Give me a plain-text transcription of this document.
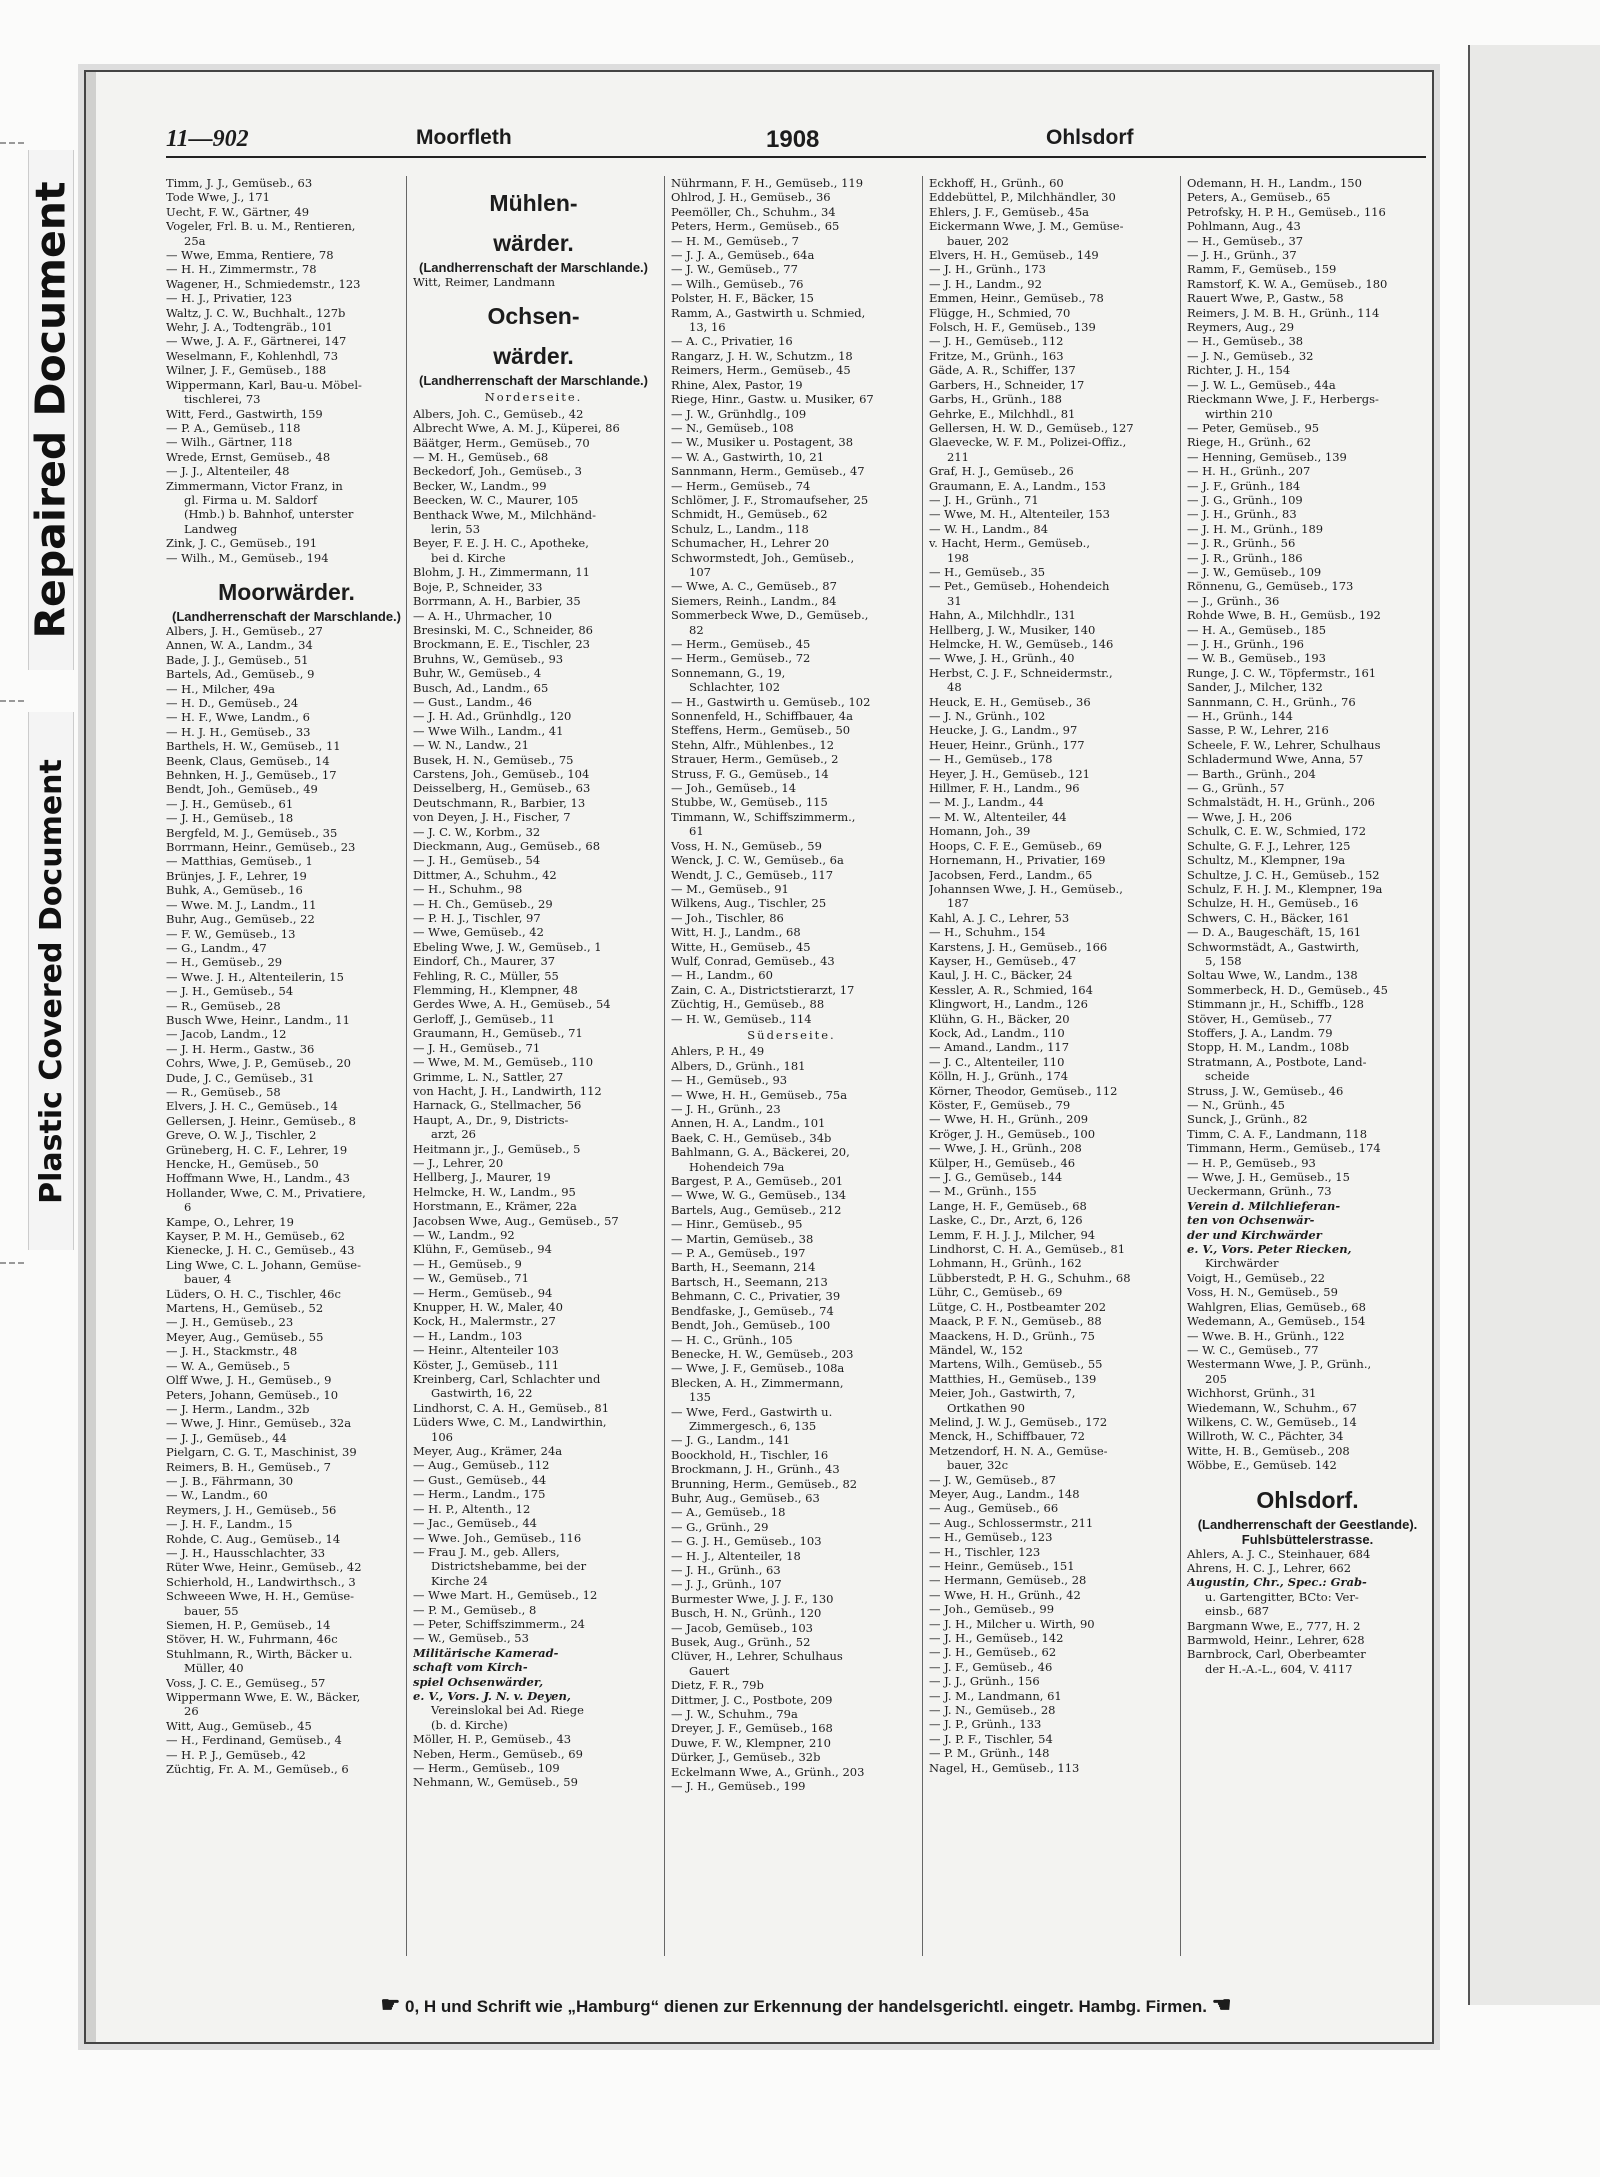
Repaired Document
Plastic Covered Document
11—902	Moorfleth	1908	Ohlsdorf
Timm, J. J., Gemüseb., 63
Tode Wwe, J., 171
Uecht, F. W., Gärtner, 49
Vogeler, Frl. B. u. M., Rentieren,
25a
— Wwe, Emma, Rentiere, 78
— H. H., Zimmermstr., 78
Wagener, H., Schmiedemstr., 123
— H. J., Privatier, 123
Waltz, J. C. W., Buchhalt., 127b
Wehr, J. A., Todtengräb., 101
— Wwe, J. A. F., Gärtnerei, 147
Weselmann, F., Kohlenhdl, 73
Wilner, J. F., Gemüseb., 188
Wippermann, Karl, Bau-u. Möbel-
tischlerei, 73
Witt, Ferd., Gastwirth, 159
— P. A., Gemüseb., 118
— Wilh., Gärtner, 118
Wrede, Ernst, Gemüseb., 48
— J. J., Altenteiler, 48
Zimmermann, Victor Franz, in
gl. Firma u. M. Saldorf
(Hmb.) b. Bahnhof, unterster
Landweg
Zink, J. C., Gemüseb., 191
— Wilh., M., Gemüseb., 194
Moorwärder.
(Landherrenschaft der Marschlande.)
Albers, J. H., Gemüseb., 27
Annen, W. A., Landm., 34
Bade, J. J., Gemüseb., 51
Bartels, Ad., Gemüseb., 9
— H., Milcher, 49a
— H. D., Gemüseb., 24
— H. F., Wwe, Landm., 6
— H. J. H., Gemüseb., 33
Barthels, H. W., Gemüseb., 11
Beenk, Claus, Gemüseb., 14
Behnken, H. J., Gemüseb., 17
Bendt, Joh., Gemüseb., 49
— J. H., Gemüseb., 61
— J. H., Gemüseb., 18
Bergfeld, M. J., Gemüseb., 35
Borrmann, Heinr., Gemüseb., 23
— Matthias, Gemüseb., 1
Brünjes, J. F., Lehrer, 19
Buhk, A., Gemüseb., 16
— Wwe. M. J., Landm., 11
Buhr, Aug., Gemüseb., 22
— F. W., Gemüseb., 13
— G., Landm., 47
— H., Gemüseb., 29
— Wwe. J. H., Altenteilerin, 15
— J. H., Gemüseb., 54
— R., Gemüseb., 28
Busch Wwe, Heinr., Landm., 11
— Jacob, Landm., 12
— J. H. Herm., Gastw., 36
Cohrs, Wwe, J. P., Gemüseb., 20
Dude, J. C., Gemüseb., 31
— R., Gemüseb., 58
Elvers, J. H. C., Gemüseb., 14
Gellersen, J. Heinr., Gemüseb., 8
Greve, O. W. J., Tischler, 2
Grüneberg, H. C. F., Lehrer, 19
Hencke, H., Gemüseb., 50
Hoffmann Wwe, H., Landm., 43
Hollander, Wwe, C. M., Privatiere,
6
Kampe, O., Lehrer, 19
Kayser, P. M. H., Gemüseb., 62
Kienecke, J. H. C., Gemüseb., 43
Ling Wwe, C. L. Johann, Gemüse-
bauer, 4
Lüders, O. H. C., Tischler, 46c
Martens, H., Gemüseb., 52
— J. H., Gemüseb., 23
Meyer, Aug., Gemüseb., 55
— J. H., Stackmstr., 48
— W. A., Gemüseb., 5
Olff Wwe, J. H., Gemüseb., 9
Peters, Johann, Gemüseb., 10
— J. Herm., Landm., 32b
— Wwe, J. Hinr., Gemüseb., 32a
— J. J., Gemüseb., 44
Pielgarn, C. G. T., Maschinist, 39
Reimers, B. H., Gemüseb., 7
— J. B., Fährmann, 30
— W., Landm., 60
Reymers, J. H., Gemüseb., 56
— J. H. F., Landm., 15
Rohde, C. Aug., Gemüseb., 14
— J. H., Hausschlachter, 33
Rüter Wwe, Heinr., Gemüseb., 42
Schierhold, H., Landwirthsch., 3
Schweeen Wwe, H. H., Gemüse-
bauer, 55
Siemen, H. P., Gemüseb., 14
Stöver, H. W., Fuhrmann, 46c
Stuhlmann, R., Wirth, Bäcker u.
Müller, 40
Voss, J. C. E., Gemüseg., 57
Wippermann Wwe, E. W., Bäcker,
26
Witt, Aug., Gemüseb., 45
— H., Ferdinand, Gemüseb., 4
— H. P. J., Gemüseb., 42
Züchtig, Fr. A. M., Gemüseb., 6
Mühlen-
wärder.
(Landherrenschaft der Marschlande.)
Witt, Reimer, Landmann
Ochsen-
wärder.
(Landherrenschaft der Marschlande.)
Norderseite.
Albers, Joh. C., Gemüseb., 42
Albrecht Wwe, A. M. J., Küperei, 86
Bäätger, Herm., Gemüseb., 70
— M. H., Gemüseb., 68
Beckedorf, Joh., Gemüseb., 3
Becker, W., Landm., 99
Beecken, W. C., Maurer, 105
Benthack Wwe, M., Milchhänd-
lerin, 53
Beyer, F. E. J. H. C., Apotheke,
bei d. Kirche
Blohm, J. H., Zimmermann, 11
Boje, P., Schneider, 33
Borrmann, A. H., Barbier, 35
— A. H., Uhrmacher, 10
Bresinski, M. C., Schneider, 86
Brockmann, E. E., Tischler, 23
Bruhns, W., Gemüseb., 93
Buhr, W., Gemüseb., 4
Busch, Ad., Landm., 65
— Gust., Landm., 46
— J. H. Ad., Grünhdlg., 120
— Wwe Wilh., Landm., 41
— W. N., Landw., 21
Busek, H. N., Gemüseb., 75
Carstens, Joh., Gemüseb., 104
Deisselberg, H., Gemüseb., 63
Deutschmann, R., Barbier, 13
von Deyen, J. H., Fischer, 7
— J. C. W., Korbm., 32
Dieckmann, Aug., Gemüseb., 68
— J. H., Gemüseb., 54
Dittmer, A., Schuhm., 42
— H., Schuhm., 98
— H. Ch., Gemüseb., 29
— P. H. J., Tischler, 97
— Wwe, Gemüseb., 42
Ebeling Wwe, J. W., Gemüseb., 1
Eindorf, Ch., Maurer, 37
Fehling, R. C., Müller, 55
Flemming, H., Klempner, 48
Gerdes Wwe, A. H., Gemüseb., 54
Gerloff, J., Gemüseb., 11
Graumann, H., Gemüseb., 71
— J. H., Gemüseb., 71
— Wwe, M. M., Gemüseb., 110
Grimme, L. N., Sattler, 27
von Hacht, J. H., Landwirth, 112
Harnack, G., Stellmacher, 56
Haupt, A., Dr., 9, Districts-
arzt, 26
Heitmann jr., J., Gemüseb., 5
— J., Lehrer, 20
Hellberg, J., Maurer, 19
Helmcke, H. W., Landm., 95
Horstmann, E., Krämer, 22a
Jacobsen Wwe, Aug., Gemüseb., 57
— W., Landm., 92
Klühn, F., Gemüseb., 94
— H., Gemüseb., 9
— W., Gemüseb., 71
— Herm., Gemüseb., 94
Knupper, H. W., Maler, 40
Kock, H., Malermstr., 27
— H., Landm., 103
— Heinr., Altenteiler 103
Köster, J., Gemüseb., 111
Kreinberg, Carl, Schlachter und
Gastwirth, 16, 22
Lindhorst, C. A. H., Gemüseb., 81
Lüders Wwe, C. M., Landwirthin,
106
Meyer, Aug., Krämer, 24a
— Aug., Gemüseb., 112
— Gust., Gemüseb., 44
— Herm., Landm., 175
— H. P., Altenth., 12
— Jac., Gemüseb., 44
— Wwe. Joh., Gemüseb., 116
— Frau J. M., geb. Allers,
Districtshebamme, bei der
Kirche 24
— Wwe Mart. H., Gemüseb., 12
— P. M., Gemüseb., 8
— Peter, Schiffszimmerm., 24
— W., Gemüseb., 53
Militärische Kamerad-
schaft vom Kirch-
spiel Ochsenwärder,
e. V., Vors. J. N. v. Deyen,
Vereinslokal bei Ad. Riege
(b. d. Kirche)
Möller, H. P., Gemüseb., 43
Neben, Herm., Gemüseb., 69
— Herm., Gemüseb., 109
Nehmann, W., Gemüseb., 59
Nührmann, F. H., Gemüseb., 119
Ohlrod, J. H., Gemüseb., 36
Peemöller, Ch., Schuhm., 34
Peters, Herm., Gemüseb., 65
— H. M., Gemüseb., 7
— J. J. A., Gemüseb., 64a
— J. W., Gemüseb., 77
— Wilh., Gemüseb., 76
Polster, H. F., Bäcker, 15
Ramm, A., Gastwirth u. Schmied,
13, 16
— A. C., Privatier, 16
Rangarz, J. H. W., Schutzm., 18
Reimers, Herm., Gemüseb., 45
Rhine, Alex, Pastor, 19
Riege, Hinr., Gastw. u. Musiker, 67
— J. W., Grünhdlg., 109
— N., Gemüseb., 108
— W., Musiker u. Postagent, 38
— W. A., Gastwirth, 10, 21
Sannmann, Herm., Gemüseb., 47
— Herm., Gemüseb., 74
Schlömer, J. F., Stromaufseher, 25
Schmidt, H., Gemüseb., 62
Schulz, L., Landm., 118
Schumacher, H., Lehrer 20
Schwormstedt, Joh., Gemüseb.,
107
— Wwe, A. C., Gemüseb., 87
Siemers, Reinh., Landm., 84
Sommerbeck Wwe, D., Gemüseb.,
82
— Herm., Gemüseb., 45
— Herm., Gemüseb., 72
Sonnemann, G., 19,
Schlachter, 102
— H., Gastwirth u. Gemüseb., 102
Sonnenfeld, H., Schiffbauer, 4a
Steffens, Herm., Gemüseb., 50
Stehn, Alfr., Mühlenbes., 12
Strauer, Herm., Gemüseb., 2
Struss, F. G., Gemüseb., 14
— Joh., Gemüseb., 14
Stubbe, W., Gemüseb., 115
Timmann, W., Schiffszimmerm.,
61
Voss, H. N., Gemüseb., 59
Wenck, J. C. W., Gemüseb., 6a
Wendt, J. C., Gemüseb., 117
— M., Gemüseb., 91
Wilkens, Aug., Tischler, 25
— Joh., Tischler, 86
Witt, H. J., Landm., 68
Witte, H., Gemüseb., 45
Wulf, Conrad, Gemüseb., 43
— H., Landm., 60
Zain, C. A., Districtstierarzt, 17
Züchtig, H., Gemüseb., 88
— H. W., Gemüseb., 114
Süderseite.
Ahlers, P. H., 49
Albers, D., Grünh., 181
— H., Gemüseb., 93
— Wwe, H. H., Gemüseb., 75a
— J. H., Grünh., 23
Annen, H. A., Landm., 101
Baek, C. H., Gemüseb., 34b
Bahlmann, G. A., Bäckerei, 20,
Hohendeich 79a
Bargest, P. A., Gemüseb., 201
— Wwe, W. G., Gemüseb., 134
Bartels, Aug., Gemüseb., 212
— Hinr., Gemüseb., 95
— Martin, Gemüseb., 38
— P. A., Gemüseb., 197
Barth, H., Seemann, 214
Bartsch, H., Seemann, 213
Behmann, C. C., Privatier, 39
Bendfaske, J., Gemüseb., 74
Bendt, Joh., Gemüseb., 100
— H. C., Grünh., 105
Benecke, H. W., Gemüseb., 203
— Wwe, J. F., Gemüseb., 108a
Blecken, A. H., Zimmermann,
135
— Wwe, Ferd., Gastwirth u.
Zimmergesch., 6, 135
— J. G., Landm., 141
Boockhold, H., Tischler, 16
Brockmann, J. H., Grünh., 43
Brunning, Herm., Gemüseb., 82
Buhr, Aug., Gemüseb., 63
— A., Gemüseb., 18
— G., Grünh., 29
— G. J. H., Gemüseb., 103
— H. J., Altenteiler, 18
— J. H., Grünh., 63
— J. J., Grünh., 107
Burmester Wwe, J. J. F., 130
Busch, H. N., Grünh., 120
— Jacob, Gemüseb., 103
Busek, Aug., Grünh., 52
Clüver, H., Lehrer, Schulhaus
Gauert
Dietz, F. R., 79b
Dittmer, J. C., Postbote, 209
— J. W., Schuhm., 79a
Dreyer, J. F., Gemüseb., 168
Duwe, F. W., Klempner, 210
Dürker, J., Gemüseb., 32b
Eckelmann Wwe, A., Grünh., 203
— J. H., Gemüseb., 199
Eckhoff, H., Grünh., 60
Eddebüttel, P., Milchhändler, 30
Ehlers, J. F., Gemüseb., 45a
Eickermann Wwe, J. M., Gemüse-
bauer, 202
Elvers, H. H., Gemüseb., 149
— J. H., Grünh., 173
— J. H., Landm., 92
Emmen, Heinr., Gemüseb., 78
Flügge, H., Schmied, 70
Folsch, H. F., Gemüseb., 139
— J. H., Gemüseb., 112
Fritze, M., Grünh., 163
Gäde, A. R., Schiffer, 137
Garbers, H., Schneider, 17
Garbs, H., Grünh., 188
Gehrke, E., Milchhdl., 81
Gellersen, H. W. D., Gemüseb., 127
Glaevecke, W. F. M., Polizei-Offiz.,
211
Graf, H. J., Gemüseb., 26
Graumann, E. A., Landm., 153
— J. H., Grünh., 71
— Wwe, M. H., Altenteiler, 153
— W. H., Landm., 84
v. Hacht, Herm., Gemüseb.,
198
— H., Gemüseb., 35
— Pet., Gemüseb., Hohendeich
31
Hahn, A., Milchhdlr., 131
Hellberg, J. W., Musiker, 140
Helmcke, H. W., Gemüseb., 146
— Wwe, J. H., Grünh., 40
Herbst, C. J. F., Schneidermstr.,
48
Heuck, E. H., Gemüseb., 36
— J. N., Grünh., 102
Heucke, J. G., Landm., 97
Heuer, Heinr., Grünh., 177
— H., Gemüseb., 178
Heyer, J. H., Gemüseb., 121
Hillmer, F. H., Landm., 96
— M. J., Landm., 44
— M. W., Altenteiler, 44
Homann, Joh., 39
Hoops, C. F. E., Gemüseb., 69
Hornemann, H., Privatier, 169
Jacobsen, Ferd., Landm., 65
Johannsen Wwe, J. H., Gemüseb.,
187
Kahl, A. J. C., Lehrer, 53
— H., Schuhm., 154
Karstens, J. H., Gemüseb., 166
Kayser, H., Gemüseb., 47
Kaul, J. H. C., Bäcker, 24
Kessler, A. R., Schmied, 164
Klingwort, H., Landm., 126
Klühn, G. H., Bäcker, 20
Kock, Ad., Landm., 110
— Amand., Landm., 117
— J. C., Altenteiler, 110
Kölln, H. J., Grünh., 174
Körner, Theodor, Gemüseb., 112
Köster, F., Gemüseb., 79
— Wwe, H. H., Grünh., 209
Kröger, J. H., Gemüseb., 100
— Wwe, J. H., Grünh., 208
Külper, H., Gemüseb., 46
— J. G., Gemüseb., 144
— M., Grünh., 155
Lange, H. F., Gemüseb., 68
Laske, C., Dr., Arzt, 6, 126
Lemm, F. H. J. J., Milcher, 94
Lindhorst, C. H. A., Gemüseb., 81
Lohmann, H., Grünh., 162
Lübberstedt, P. H. G., Schuhm., 68
Lühr, C., Gemüseb., 69
Lütge, C. H., Postbeamter 202
Maack, P. F. N., Gemüseb., 88
Maackens, H. D., Grünh., 75
Mändel, W., 152
Martens, Wilh., Gemüseb., 55
Matthies, H., Gemüseb., 139
Meier, Joh., Gastwirth, 7,
Ortkathen 90
Melind, J. W. J., Gemüseb., 172
Menck, H., Schiffbauer, 72
Metzendorf, H. N. A., Gemüse-
bauer, 32c
— J. W., Gemüseb., 87
Meyer, Aug., Landm., 148
— Aug., Gemüseb., 66
— Aug., Schlossermstr., 211
— H., Gemüseb., 123
— H., Tischler, 123
— Heinr., Gemüseb., 151
— Hermann, Gemüseb., 28
— Wwe, H. H., Grünh., 42
— Joh., Gemüseb., 99
— J. H., Milcher u. Wirth, 90
— J. H., Gemüseb., 142
— J. H., Gemüseb., 62
— J. F., Gemüseb., 46
— J. J., Grünh., 156
— J. M., Landmann, 61
— J. N., Gemüseb., 28
— J. P., Grünh., 133
— J. P. F., Tischler, 54
— P. M., Grünh., 148
Nagel, H., Gemüseb., 113
Odemann, H. H., Landm., 150
Peters, A., Gemüseb., 65
Petrofsky, H. P. H., Gemüseb., 116
Pohlmann, Aug., 43
— H., Gemüseb., 37
— J. H., Grünh., 37
Ramm, F., Gemüseb., 159
Ramstorf, K. W. A., Gemüseb., 180
Rauert Wwe, P., Gastw., 58
Reimers, J. M. B. H., Grünh., 114
Reymers, Aug., 29
— H., Gemüseb., 38
— J. N., Gemüseb., 32
Richter, J. H., 154
— J. W. L., Gemüseb., 44a
Rieckmann Wwe, J. F., Herbergs-
wirthin 210
— Peter, Gemüseb., 95
Riege, H., Grünh., 62
— Henning, Gemüseb., 139
— H. H., Grünh., 207
— J. F., Grünh., 184
— J. G., Grünh., 109
— J. H., Grünh., 83
— J. H. M., Grünh., 189
— J. R., Grünh., 56
— J. R., Grünh., 186
— J. W., Gemüseb., 109
Rönnenu, G., Gemüseb., 173
— J., Grünh., 36
Rohde Wwe, B. H., Gemüsb., 192
— H. A., Gemüseb., 185
— J. H., Grünh., 196
— W. B., Gemüseb., 193
Runge, J. C. W., Töpfermstr., 161
Sander, J., Milcher, 132
Sannmann, C. H., Grünh., 76
— H., Grünh., 144
Sasse, P. W., Lehrer, 216
Scheele, F. W., Lehrer, Schulhaus
Schladermund Wwe, Anna, 57
— Barth., Grünh., 204
— G., Grünh., 57
Schmalstädt, H. H., Grünh., 206
— Wwe, J. H., 206
Schulk, C. E. W., Schmied, 172
Schulte, G. F. J., Lehrer, 125
Schultz, M., Klempner, 19a
Schultze, J. C. H., Gemüseb., 152
Schulz, F. H. J. M., Klempner, 19a
Schulze, H. H., Gemüseb., 16
Schwers, C. H., Bäcker, 161
— D. A., Baugeschäft, 15, 161
Schwormstädt, A., Gastwirth,
5, 158
Soltau Wwe, W., Landm., 138
Sommerbeck, H. D., Gemüseb., 45
Stimmann jr., H., Schiffb., 128
Stöver, H., Gemüseb., 77
Stoffers, J. A., Landm. 79
Stopp, H. M., Landm., 108b
Stratmann, A., Postbote, Land-
scheide
Struss, J. W., Gemüseb., 46
— N., Grünh., 45
Sunck, J., Grünh., 82
Timm, C. A. F., Landmann, 118
Timmann, Herm., Gemüseb., 174
— H. P., Gemüseb., 93
— Wwe, J. H., Gemüseb., 15
Ueckermann, Grünh., 73
Verein d. Milchlieferan-
ten von Ochsenwär-
der und Kirchwärder
e. V., Vors. Peter Riecken,
Kirchwärder
Voigt, H., Gemüseb., 22
Voss, H. N., Gemüseb., 59
Wahlgren, Elias, Gemüseb., 68
Wedemann, A., Gemüseb., 154
— Wwe. B. H., Grünh., 122
— W. C., Gemüseb., 77
Westermann Wwe, J. P., Grünh.,
205
Wichhorst, Grünh., 31
Wiedemann, W., Schuhm., 67
Wilkens, C. W., Gemüseb., 14
Willroth, W. C., Pächter, 34
Witte, H. B., Gemüseb., 208
Wöbbe, E., Gemüseb. 142
Ohlsdorf.
(Landherrenschaft der Geestlande).
Fuhlsbüttelerstrasse.
Ahlers, A. J. C., Steinhauer, 684
Ahrens, H. C. J., Lehrer, 662
Augustin, Chr., Spec.: Grab-
u. Gartengitter, BCto: Ver-
einsb., 687
Bargmann Wwe, E., 777, H. 2
Barmwold, Heinr., Lehrer, 628
Barnbrock, Carl, Oberbeamter
der H.-A.-L., 604, V. 4117
☛ 0, H und Schrift wie „Hamburg“ dienen zur Erkennung der handelsgerichtl. eingetr. Hambg. Firmen. ☚
